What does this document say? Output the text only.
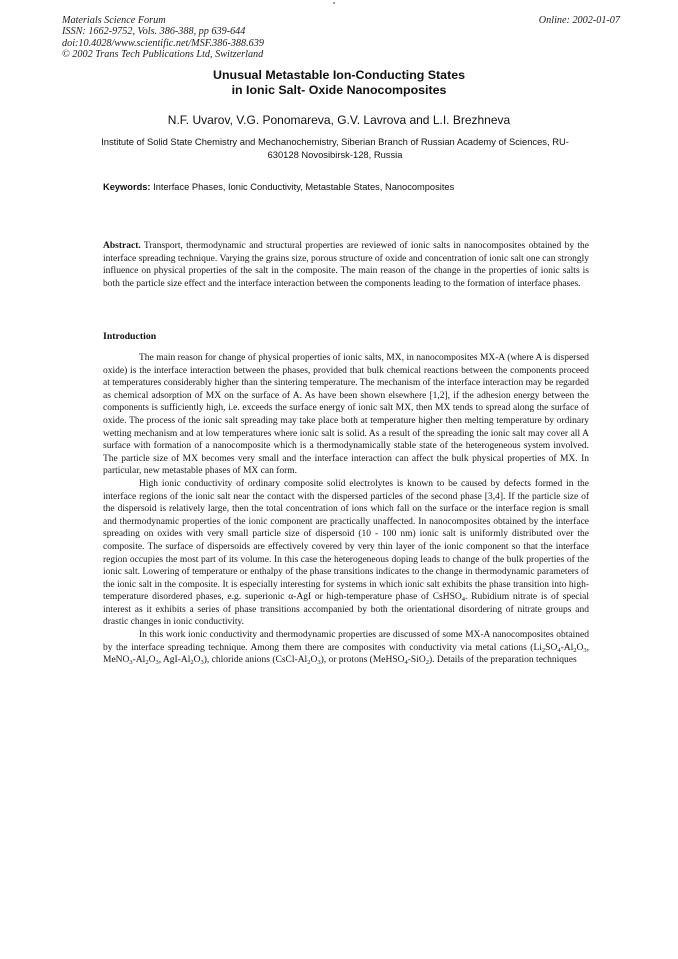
Materials Science Forum
ISSN: 1662-9752, Vols. 386-388, pp 639-644
doi:10.4028/www.scientific.net/MSF.386-388.639
© 2002 Trans Tech Publications Ltd, Switzerland
Online: 2002-01-07
Unusual Metastable Ion-Conducting States
in Ionic Salt- Oxide Nanocomposites
N.F. Uvarov, V.G. Ponomareva, G.V. Lavrova and L.I. Brezhneva
Institute of Solid State Chemistry and Mechanochemistry, Siberian Branch of Russian Academy of Sciences, RU-630128 Novosibirsk-128, Russia
Keywords: Interface Phases, Ionic Conductivity, Metastable States, Nanocomposites

Abstract. Transport, thermodynamic and structural properties are reviewed of ionic salts in nanocomposites obtained by the interface spreading technique. Varying the grains size, porous structure of oxide and concentration of ionic salt one can strongly influence on physical properties of the salt in the composite. The main reason of the change in the properties of ionic salts is both the particle size effect and the interface interaction between the components leading to the formation of interface phases.

Introduction

The main reason for change of physical properties of ionic salts, MX, in nanocomposites MX-A (where A is dispersed oxide) is the interface interaction between the phases, provided that bulk chemical reactions between the components proceed at temperatures considerably higher than the sintering temperature. The mechanism of the interface interaction may be regarded as chemical adsorption of MX on the surface of A. As have been shown elsewhere [1,2], if the adhesion energy between the components is sufficiently high, i.e. exceeds the surface energy of ionic salt MX, then MX tends to spread along the surface of oxide. The process of the ionic salt spreading may take place both at temperature higher then melting temperature by ordinary wetting mechanism and at low temperatures where ionic salt is solid. As a result of the spreading the ionic salt may cover all A surface with formation of a nanocomposite which is a thermodynamically stable state of the heterogeneous system involved. The particle size of MX becomes very small and the interface interaction can affect the bulk physical properties of MX. In particular, new metastable phases of MX can form.

High ionic conductivity of ordinary composite solid electrolytes is known to be caused by defects formed in the interface regions of the ionic salt near the contact with the dispersed particles of the second phase [3,4]. If the particle size of the dispersoid is relatively large, then the total concentration of ions which fall on the surface or the interface region is small and thermodynamic properties of the ionic component are practically unaffected. In nanocomposites obtained by the interface spreading on oxides with very small particle size of dispersoid (10 - 100 nm) ionic salt is uniformly distributed over the composite. The surface of dispersoids are effectively covered by very thin layer of the ionic component so that the interface region occupies the most part of its volume. In this case the heterogeneous doping leads to change of the bulk properties of the ionic salt. Lowering of temperature or enthalpy of the phase transitions indicates to the change in thermodynamic parameters of the ionic salt in the composite. It is especially interesting for systems in which ionic salt exhibits the phase transition into high-temperature disordered phases, e.g. superionic α-AgI or high-temperature phase of CsHSO$_4$. Rubidium nitrate is of special interest as it exhibits a series of phase transitions accompanied by both the orientational disordering of nitrate groups and drastic changes in ionic conductivity.

In this work ionic conductivity and thermodynamic properties are discussed of some MX-A nanocomposites obtained by the interface spreading technique. Among them there are composites with conductivity via metal cations ($Li_2SO_4-Al_2O_3$, $MeNO_3-Al_2O_3$, AgI-$Al_2O_3$), chloride anions $(CsCl-Al_2O_3)$, or protons (MeHSO$_4$-SiO$_2$). Details of the preparation techniques
